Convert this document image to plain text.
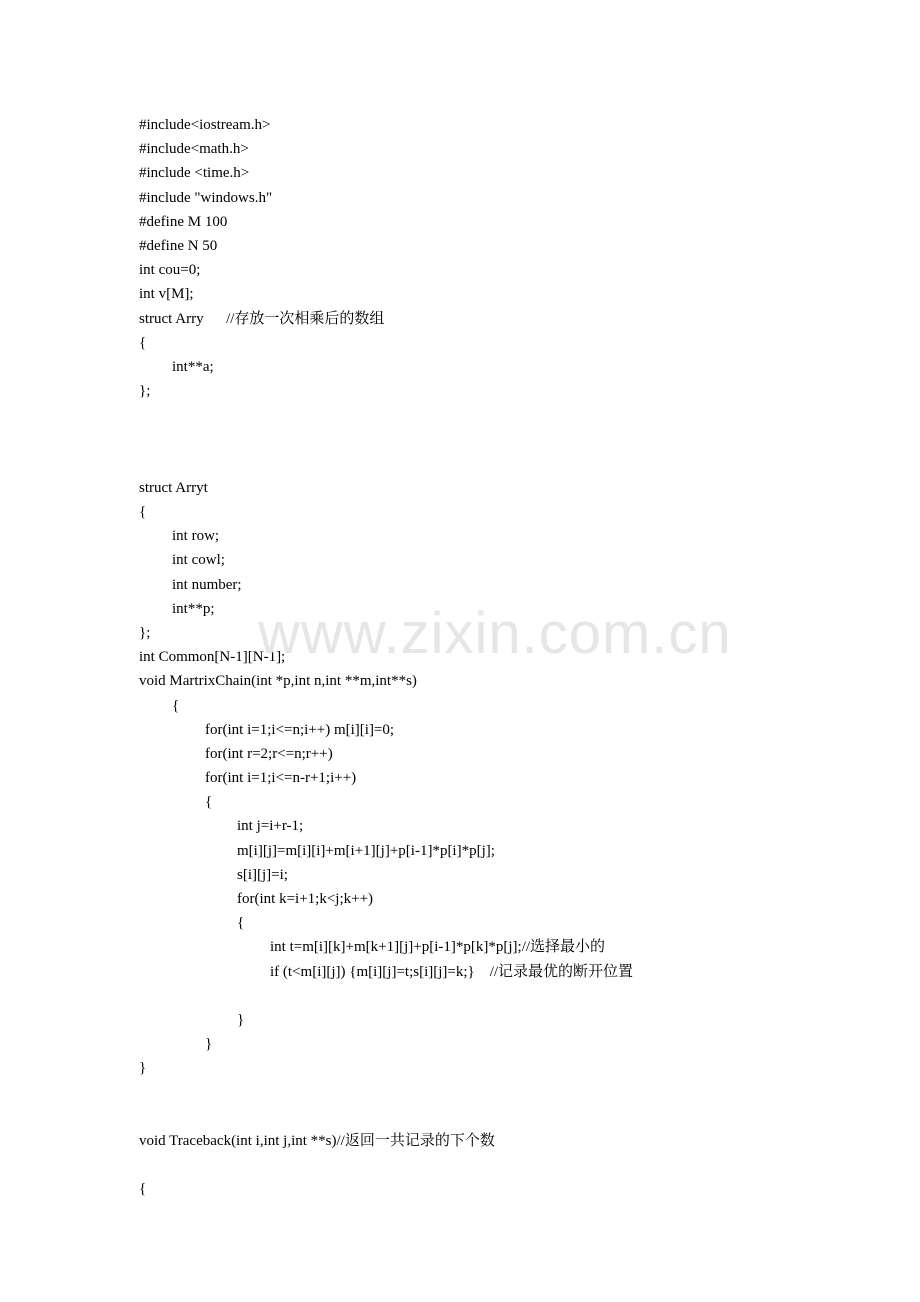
www.zixin.com.cn
#include<iostream.h>
#include<math.h>
#include <time.h>
#include "windows.h"
#define M 100
#define N 50
int cou=0;
int v[M];
struct Arry      //存放一次相乘后的数组
{
int**a;
};
struct Arryt
{
int row;
int cowl;
int number;
int**p;
};
int Common[N-1][N-1];
void MartrixChain(int *p,int n,int **m,int**s)
{
for(int i=1;i<=n;i++) m[i][i]=0;
for(int r=2;r<=n;r++)
for(int i=1;i<=n-r+1;i++)
{
int j=i+r-1;
m[i][j]=m[i][i]+m[i+1][j]+p[i-1]*p[i]*p[j];
s[i][j]=i;
for(int k=i+1;k<j;k++)
{
int t=m[i][k]+m[k+1][j]+p[i-1]*p[k]*p[j];//选择最小的
if (t<m[i][j]) {m[i][j]=t;s[i][j]=k;}    //记录最优的断开位置
}
}
}
void Traceback(int i,int j,int **s)//返回一共记录的下个数
{
